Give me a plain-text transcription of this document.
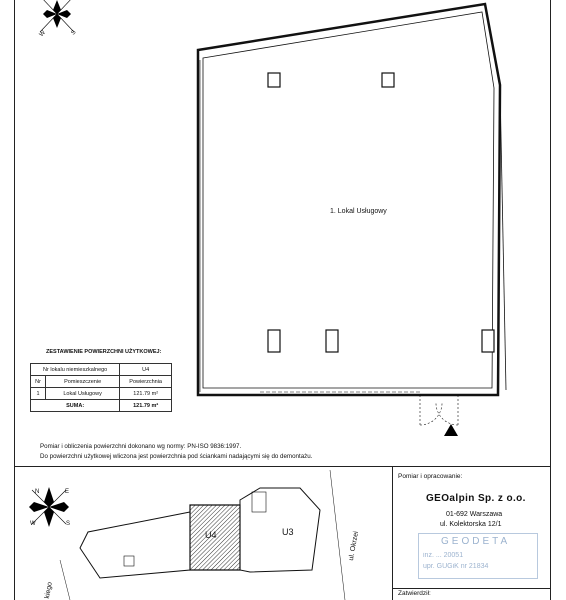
W	S
N	E
W	S
1. Lokal Usługowy
ZESTAWIENIE POWIERZCHNI UŻYTKOWEJ:
Nr lokalu niemieszkalnego		U4
Nr	Pomieszczenie	Powierzchnia
1	Lokal Usługowy	121.79 m²
SUMA:		121.79 m²
Pomiar i obliczenia powierzchni dokonano wg normy: PN-ISO 9836:1997.
Do powierzchni użytkowej wliczona jest powierzchnia pod ściankami nadającymi się do demontażu.
U4	U3	ul. Okrzei
kiego
Pomiar i opracowanie:
GEOalpin Sp. z o.o.
01-692 Warszawa
ul. Kolektorska 12/1
GEODETA
inż. ... 20051
upr. GUGiK nr 21834
Zatwierdził:
